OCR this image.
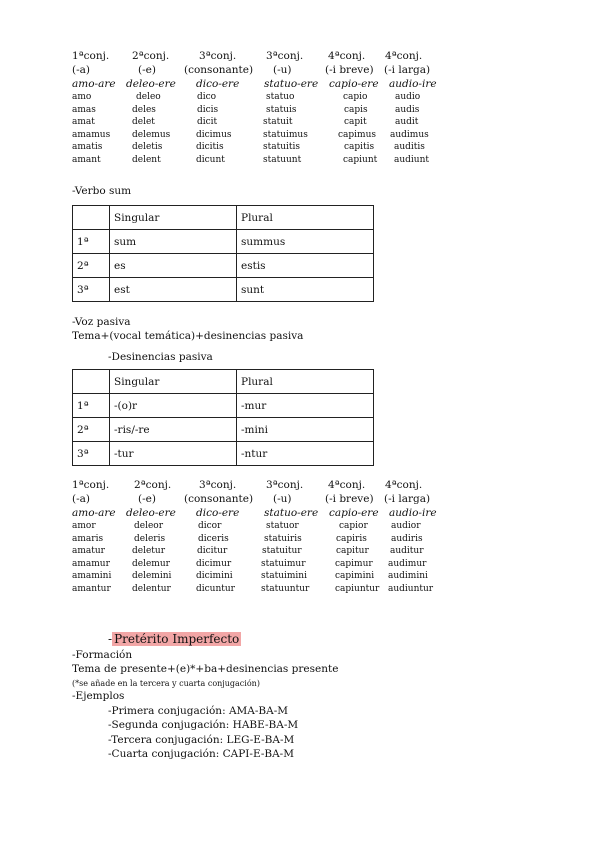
1ªconj. 2ªconj.	3ªconj.	3ªconj. 4ªconj. 4ªconj.
(-a)	(-e)	(consonante) (-u)	(-i breve) (-i larga)
amo-are deleo-ere dico-ere statuo-ere capio-ere audio-ire
amo	deleo	dico	statuo	capio	audio
amas	deles	dicis	statuis	capis	audis
amat	delet	dicit	statuit	capit	audit
amamus delemus	dicimus	statuimus	capimus audimus
amatis	deletis	dicitis	statuitis	capitis auditis
amant	delent	dicunt	statuunt	capiunt audiunt
-Verbo sum
	Singular	Plural
1ª	sum	summus
2ª	es	estis
3ª	est	sunt
-Voz pasiva
Tema+(vocal temática)+desinencias pasiva
-Desinencias pasiva
	Singular	Plural
1ª	-(o)r	-mur
2ª	-ris/-re	-mini
3ª	-tur	-ntur
1ªconj. 2ªconj.	3ªconj.	3ªconj. 4ªconj. 4ªconj.
(-a)	(-e)	(consonante) (-u)	(-i breve) (-i larga)
amo-are deleo-ere dico-ere statuo-ere capio-ere audio-ire
amor	deleor	dicor	statuor	capior	audior
amaris	deleris	diceris	statuiris	capiris	audiris
amatur	deletur	dicitur	statuitur	capitur auditur
amamur delemur	dicimur	statuimur	capimur audimur
amamini delemini	dicimini	statuimini	capimini audimini
amantur delentur	dicuntur	statuuntur	capiuntur audiuntur
- Pretérito Imperfecto
-Formación
Tema de presente+(e)*+ba+desinencias presente
(*se añade en la tercera y cuarta conjugación)
-Ejemplos
-Primera conjugación: AMA-BA-M
-Segunda conjugación: HABE-BA-M
-Tercera conjugación: LEG-E-BA-M
-Cuarta conjugación: CAPI-E-BA-M
